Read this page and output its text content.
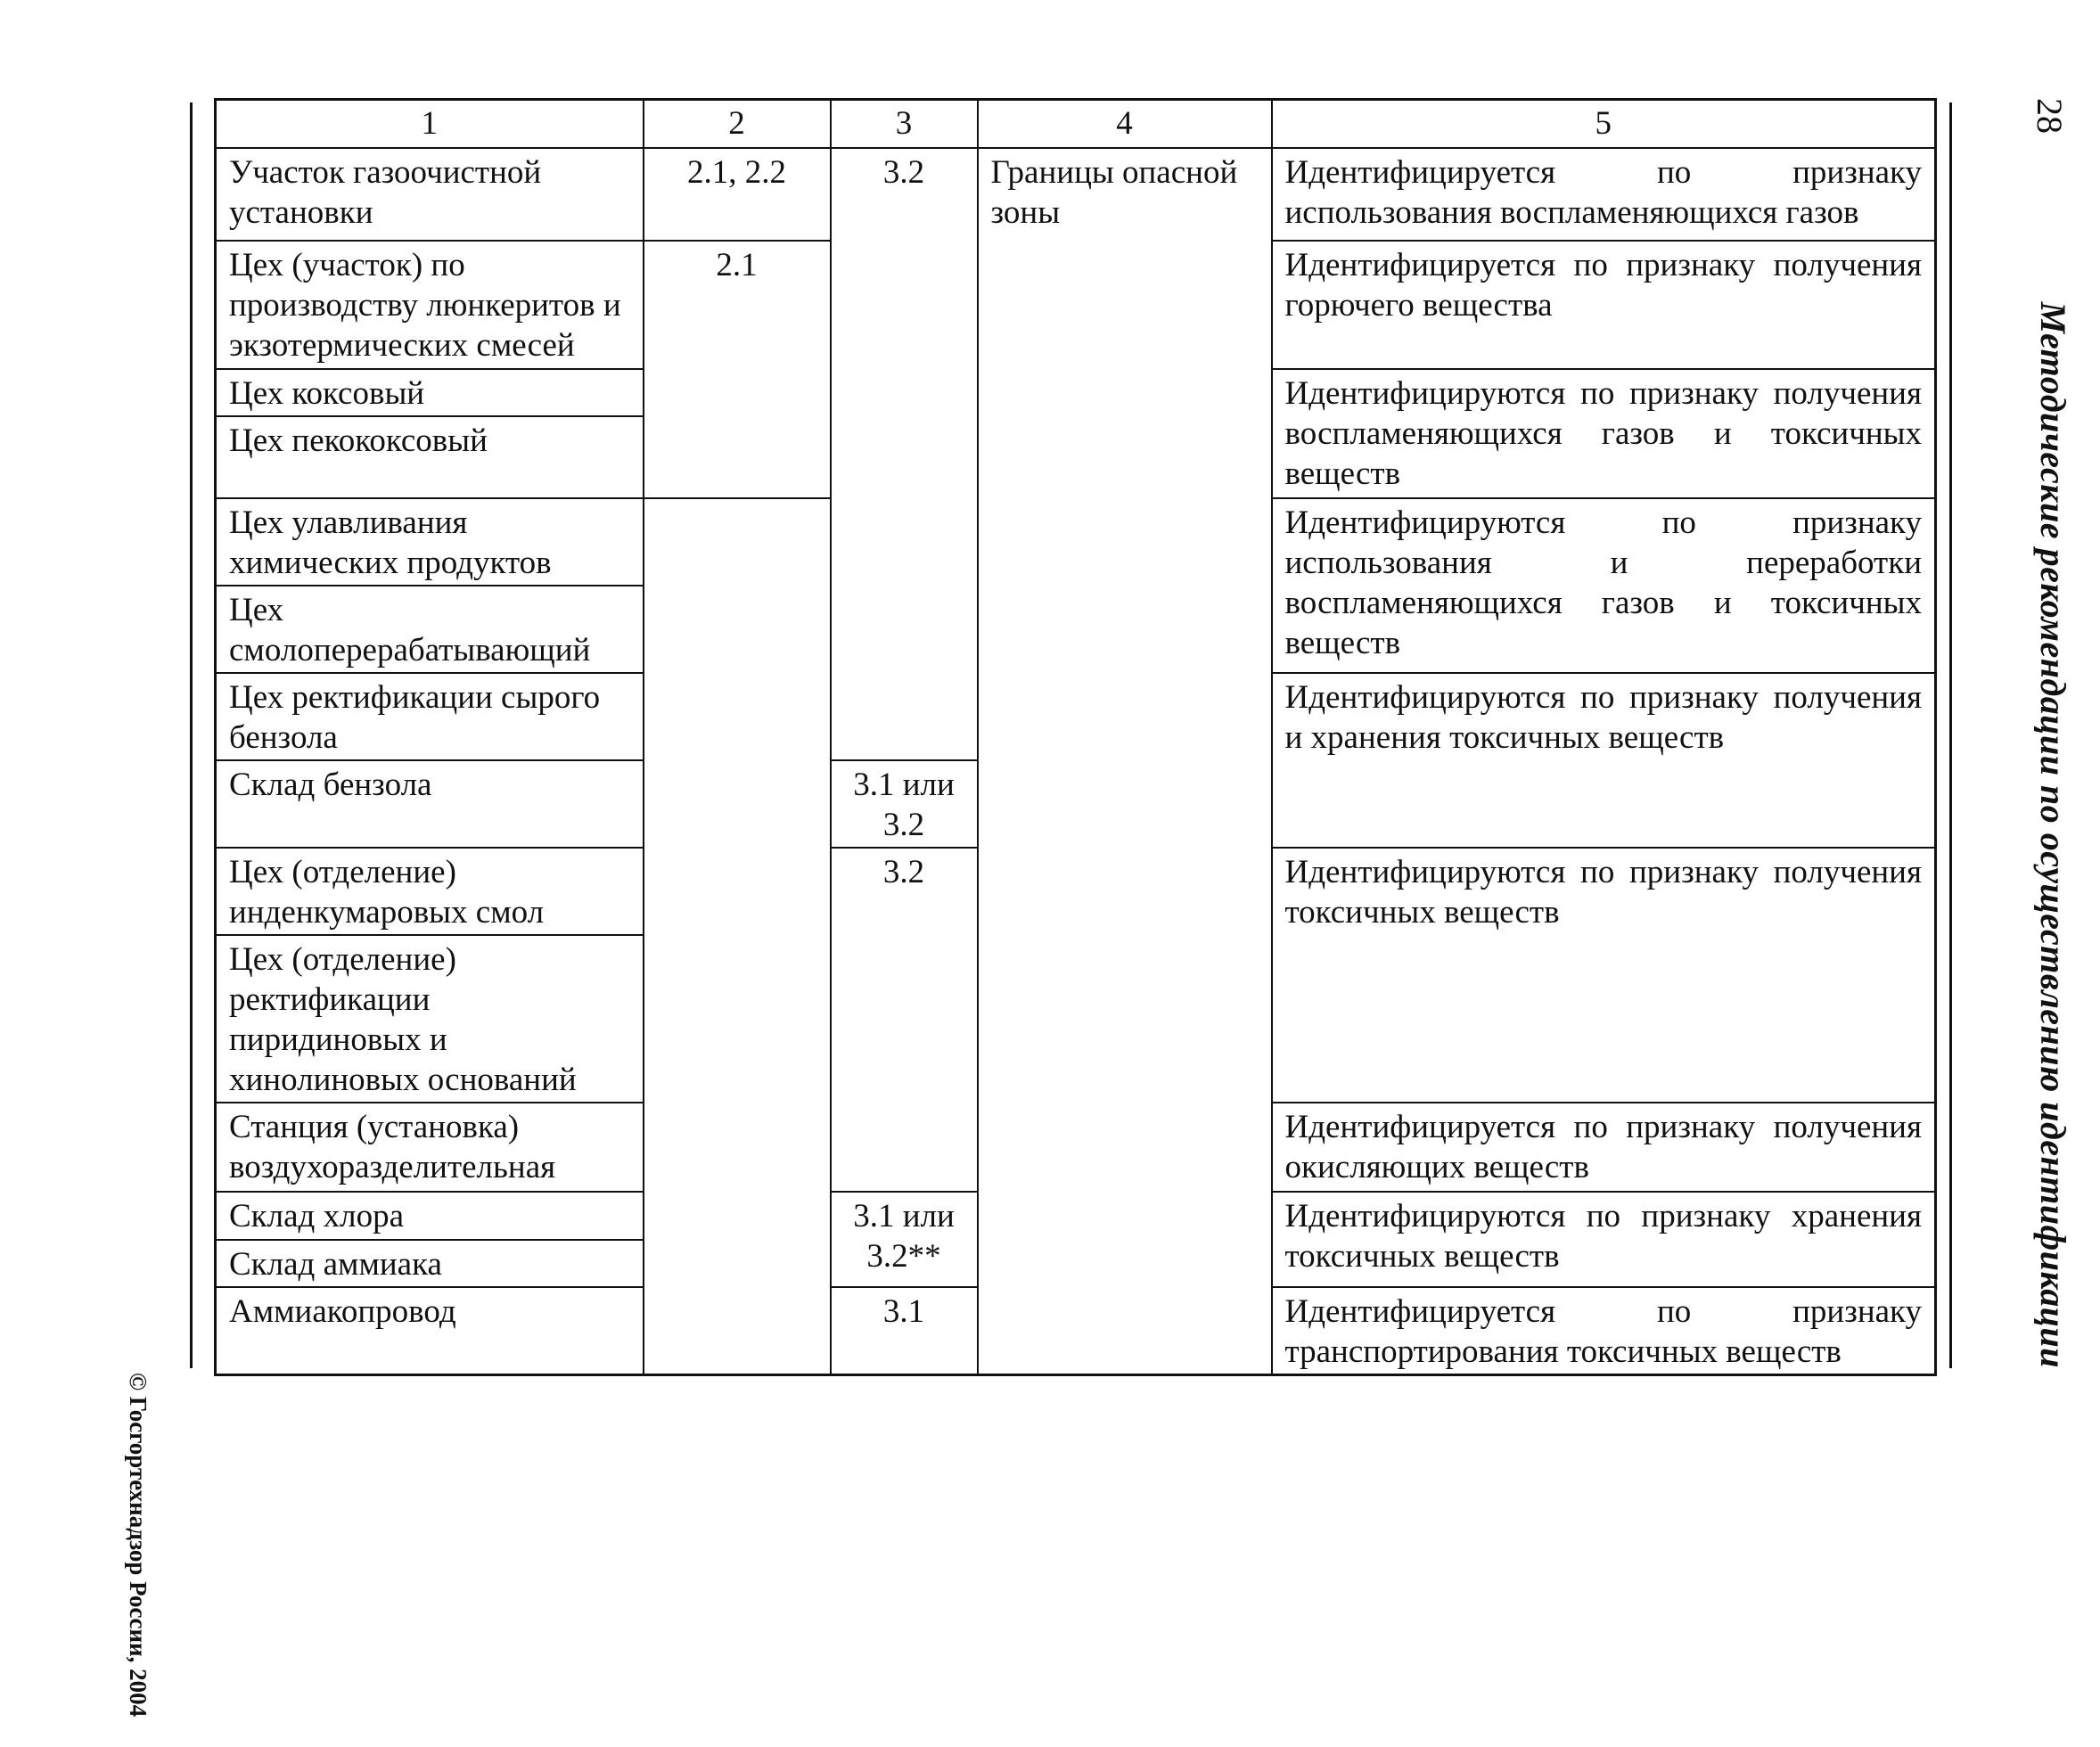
© Госгортехнадзор России, 2004
28
Методические рекомендации по осуществлению идентификации
1	2	3	4	5
Участок газоочистной установки	2.1, 2.2	3.2	Границы опасной зоны	Идентифицируется по признаку использования воспламеняющихся газов
Цех (участок) по производству люнкеритов и экзотермических смесей	2.1			Идентифицируется по признаку получения горючего вещества
Цех коксовый				Идентифицируются по признаку получения воспламеняющихся газов и токсичных веществ
Цех пекококсовый				
Цех улавливания химических продуктов				Идентифицируются по признаку использования и переработки воспламеняющихся газов и токсичных веществ
Цех смолоперерабатывающий				
Цех ректификации сырого бензола				Идентифицируются по признаку получения и хранения токсичных веществ
Склад бензола		3.1 или 3.2		
Цех (отделение) инденкумаровых смол		3.2		Идентифицируются по признаку получения токсичных веществ
Цех (отделение) ректификации пиридиновых и хинолиновых оснований				
Станция (установка) воздухоразделительная				Идентифицируется по признаку получения окисляющих веществ
Склад хлора		3.1 или 3.2**		Идентифицируются по признаку хранения токсичных веществ
Склад аммиака				
Аммиакопровод		3.1		Идентифицируется по признаку транспортирования токсичных веществ
